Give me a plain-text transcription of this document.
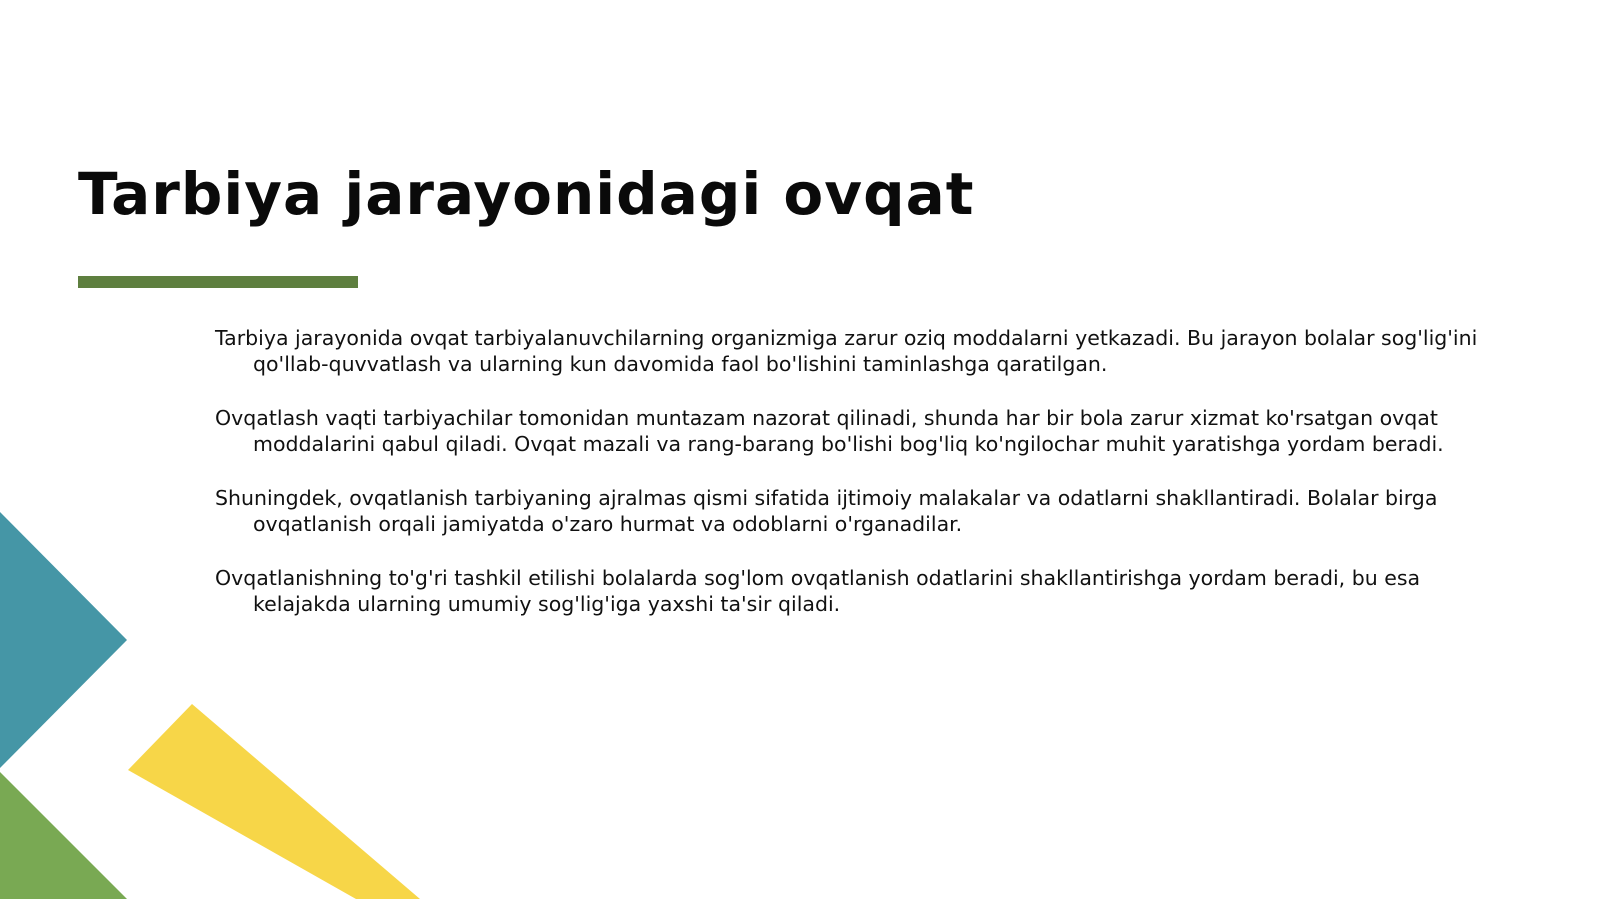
Tarbiya jarayonidagi ovqat
Tarbiya jarayonida ovqat tarbiyalanuvchilarning organizmiga zarur oziq moddalarni yetkazadi. Bu jarayon bolalar sog'lig'ini qo'llab-quvvatlash va ularning kun davomida faol bo'lishini taminlashga qaratilgan.
Ovqatlash vaqti tarbiyachilar tomonidan muntazam nazorat qilinadi, shunda har bir bola zarur xizmat ko'rsatgan ovqat moddalarini qabul qiladi. Ovqat mazali va rang-barang bo'lishi bog'liq ko'ngilochar muhit yaratishga yordam beradi.
Shuningdek, ovqatlanish tarbiyaning ajralmas qismi sifatida ijtimoiy malakalar va odatlarni shakllantiradi. Bolalar birga ovqatlanish orqali jamiyatda o'zaro hurmat va odoblarni o'rganadilar.
Ovqatlanishning to'g'ri tashkil etilishi bolalarda sog'lom ovqatlanish odatlarini shakllantirishga yordam beradi, bu esa kelajakda ularning umumiy sog'lig'iga yaxshi ta'sir qiladi.
